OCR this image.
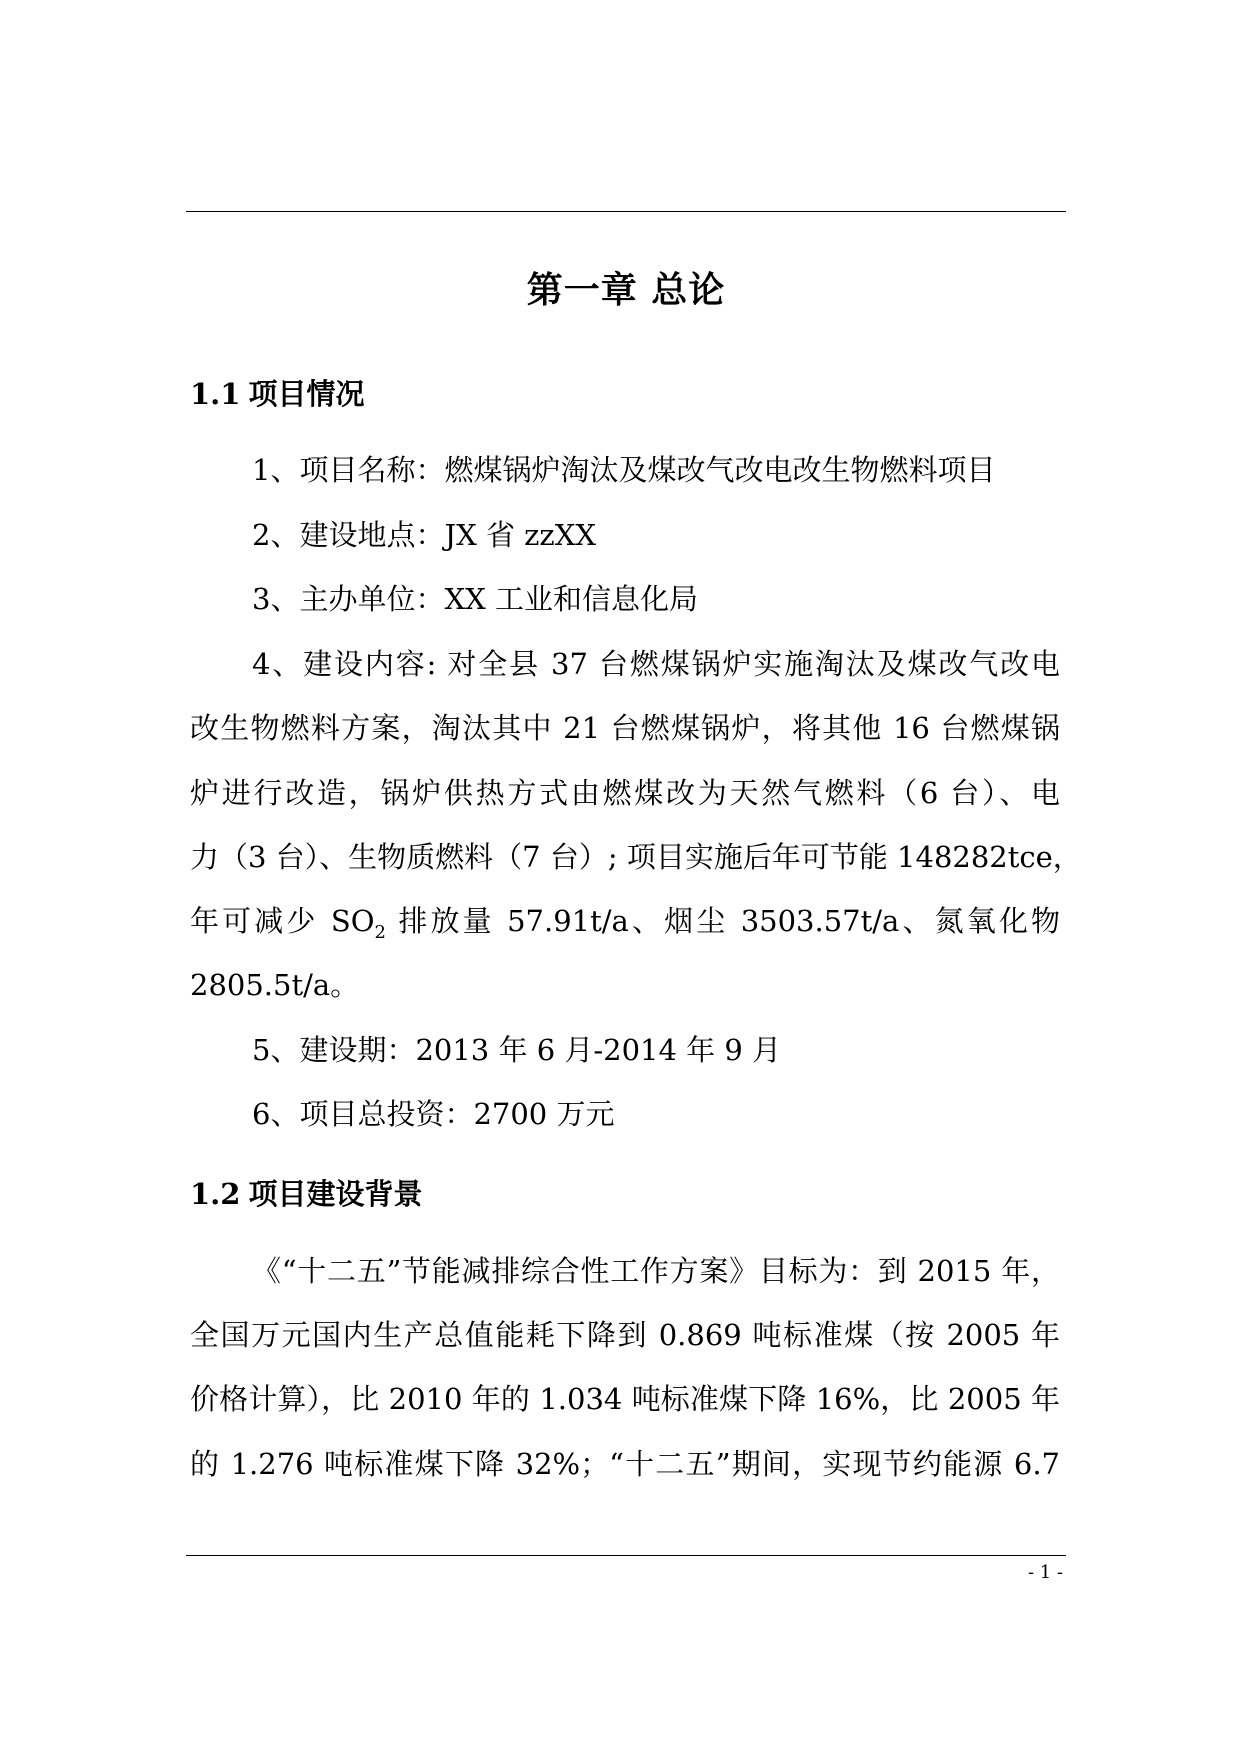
第一章 总论
1.1 项目情况
1、项目名称：燃煤锅炉淘汰及煤改气改电改生物燃料项目
2、建设地点：JX 省 zzXX
3、主办单位：XX 工业和信息化局
4、建设内容: 对全县 37 台燃煤锅炉实施淘汰及煤改气改电
改生物燃料方案，淘汰其中 21 台燃煤锅炉，将其他 16 台燃煤锅
炉进行改造，锅炉供热方式由燃煤改为天然气燃料（6 台）、电
力（3 台）、生物质燃料（7 台）; 项目实施后年可节能 148282tce，
年可减少 $SO_2$ 排放量 57.91t/a、烟尘 3503.57t/a、氮氧化物
2805.5t/a。
5、建设期：2013 年 6 月-2014 年 9 月
6、项目总投资：2700 万元
1.2 项目建设背景
《“十二五”节能减排综合性工作方案》目标为：到 2015 年，
全国万元国内生产总值能耗下降到 0.869 吨标准煤（按 2005 年
价格计算），比 2010 年的 1.034 吨标准煤下降 16%，比 2005 年
的 1.276 吨标准煤下降 32%；“十二五”期间，实现节约能源 6.7
- 1 -
